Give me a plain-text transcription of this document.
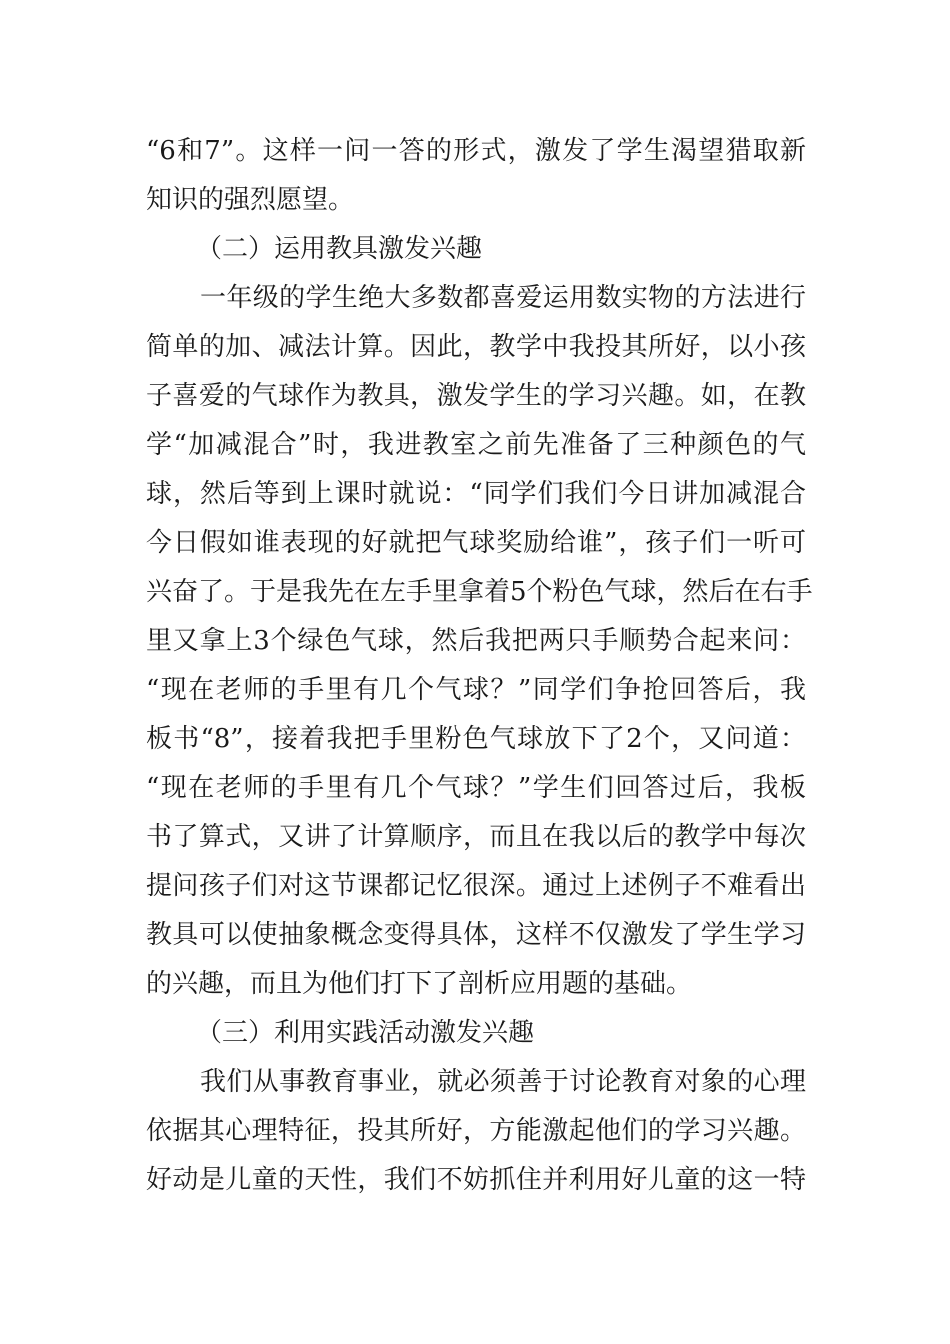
“6和7”。这样一问一答的形式，激发了学生渴望猎取新
知识的强烈愿望。
（二）运用教具激发兴趣
一年级的学生绝大多数都喜爱运用数实物的方法进行
简单的加、减法计算。因此，教学中我投其所好，以小孩
子喜爱的气球作为教具，激发学生的学习兴趣。如，在教
学“加减混合”时，我进教室之前先准备了三种颜色的气
球，然后等到上课时就说：“同学们我们今日讲加减混合
今日假如谁表现的好就把气球奖励给谁”，孩子们一听可
兴奋了。于是我先在左手里拿着5个粉色气球，然后在右手
里又拿上3个绿色气球，然后我把两只手顺势合起来问：
“现在老师的手里有几个气球？”同学们争抢回答后，我
板书“8”，接着我把手里粉色气球放下了2个，又问道：
“现在老师的手里有几个气球？”学生们回答过后，我板
书了算式，又讲了计算顺序，而且在我以后的教学中每次
提问孩子们对这节课都记忆很深。通过上述例子不难看出
教具可以使抽象概念变得具体，这样不仅激发了学生学习
的兴趣，而且为他们打下了剖析应用题的基础。
（三）利用实践活动激发兴趣
我们从事教育事业，就必须善于讨论教育对象的心理
依据其心理特征，投其所好，方能激起他们的学习兴趣。
好动是儿童的天性，我们不妨抓住并利用好儿童的这一特
